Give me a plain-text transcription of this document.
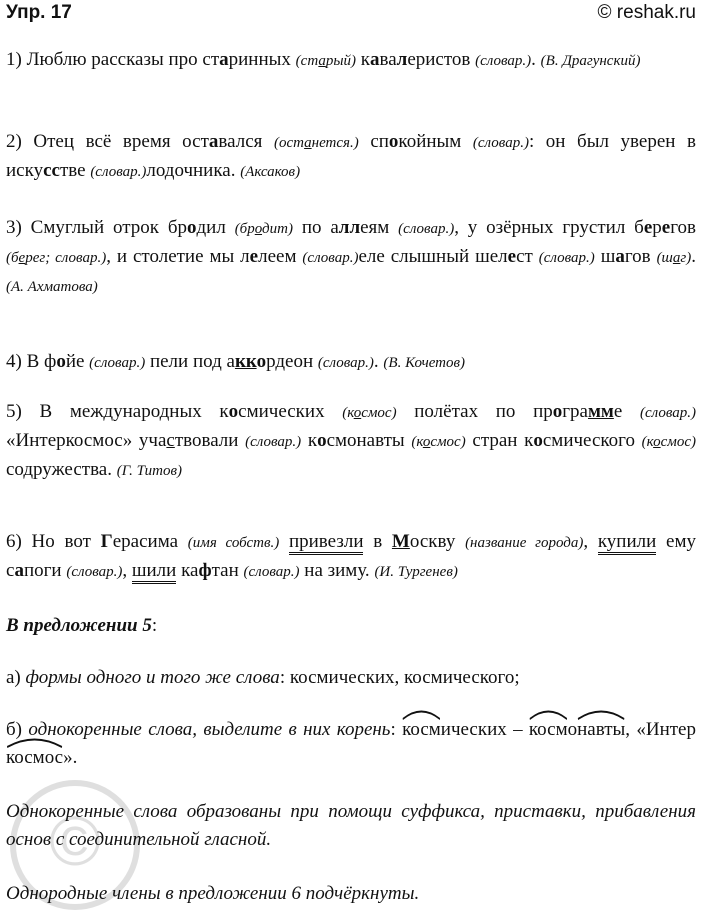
Упр. 17	© reshak.ru
1) Люблю рассказы про старинных (старый) кавалеристов (словар.). (В. Драгунский)
2) Отец всё время оставался (останется.) спокойным (словар.): он был уверен в искусстве (словар.)лодочника. (Аксаков)
3) Смуглый отрок бродил (бродит) по аллеям (словар.), у озёрных грустил берегов (берег; словар.), и столетие мы лелеем (словар.)еле слышный шелест (словар.) шагов (шаг). (А. Ахматова)
4) В фойе (словар.) пели под аккордеон (словар.). (В. Кочетов)
5) В международных космических (космос) полётах по программе (словар.) «Интеркосмос» участвовали (словар.) космонавты (космос) стран космического (космос) содружества. (Г. Титов)
6) Но вот Герасима (имя собств.) привезли в Москву (название города), купили ему сапоги (словар.), шили кафтан (словар.) на зиму. (И. Тургенев)
В предложении 5:
а) формы одного и того же слова: космических, космического;
б) однокоренные слова, выделите в них корень:
космических –
космо
навты, «Интер
космос».
Однокоренные слова образованы при помощи суффикса, приставки, прибавления основ с соединительной гласной.
Однородные члены в предложении 6 подчёркнуты.
©
